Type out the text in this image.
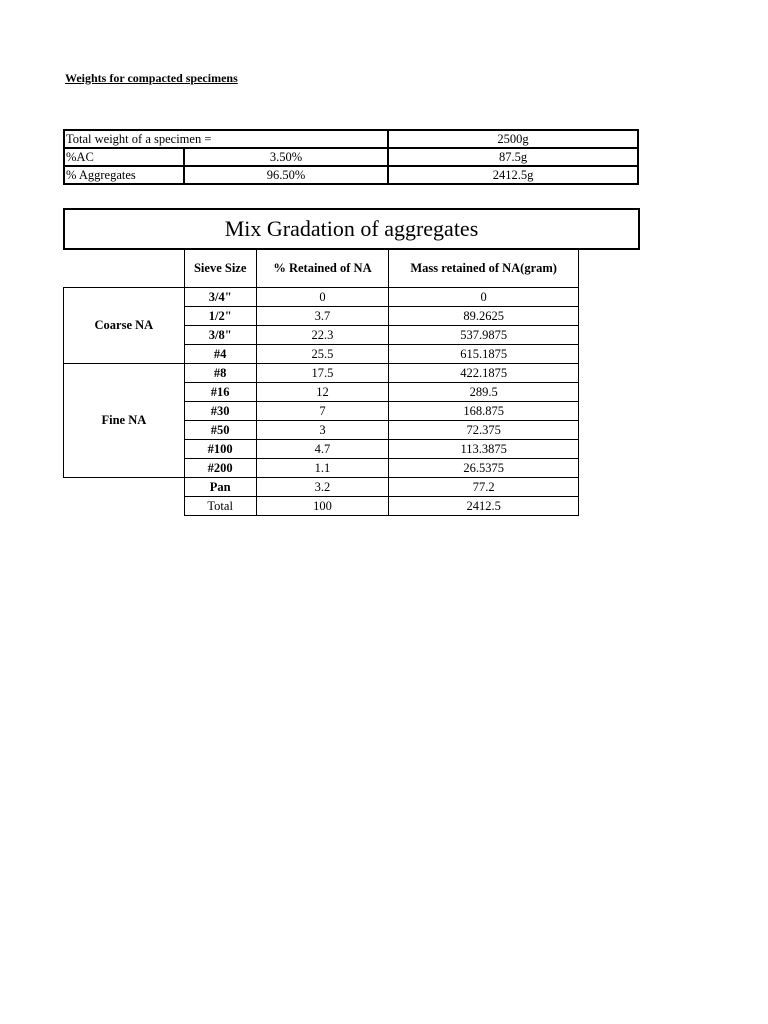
Weights for compacted specimens
Total weight of a specimen =		2500g
%AC	3.50%	87.5g
% Aggregates	96.50%	2412.5g
Mix Gradation of aggregates
	Sieve Size	% Retained of NA	Mass retained of NA(gram)
Coarse NA	3/4"	0	0
	1/2"	3.7	89.2625
	3/8"	22.3	537.9875
	#4	25.5	615.1875
Fine NA	#8	17.5	422.1875
	#16	12	289.5
	#30	7	168.875
	#50	3	72.375
	#100	4.7	113.3875
	#200	1.1	26.5375
	Pan	3.2	77.2
	Total	100	2412.5
